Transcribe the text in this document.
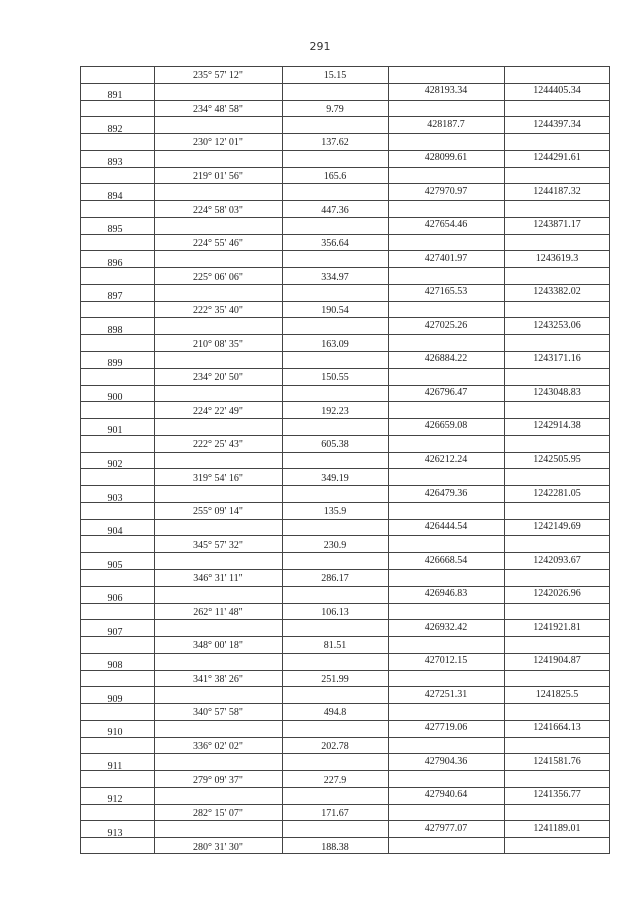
291
235° 57' 12"	15.15
891	428193.34	1244405.34
234° 48' 58"	9.79
892	428187.7	1244397.34
230° 12' 01"	137.62
893	428099.61	1244291.61
219° 01' 56"	165.6
894	427970.97	1244187.32
224° 58' 03"	447.36
895	427654.46	1243871.17
224° 55' 46"	356.64
896	427401.97	1243619.3
225° 06' 06"	334.97
897	427165.53	1243382.02
222° 35' 40"	190.54
898	427025.26	1243253.06
210° 08' 35"	163.09
899	426884.22	1243171.16
234° 20' 50"	150.55
900	426796.47	1243048.83
224° 22' 49"	192.23
901	426659.08	1242914.38
222° 25' 43"	605.38
902	426212.24	1242505.95
319° 54' 16"	349.19
903	426479.36	1242281.05
255° 09' 14"	135.9
904	426444.54	1242149.69
345° 57' 32"	230.9
905	426668.54	1242093.67
346° 31' 11"	286.17
906	426946.83	1242026.96
262° 11' 48"	106.13
907	426932.42	1241921.81
348° 00' 18"	81.51
908	427012.15	1241904.87
341° 38' 26"	251.99
909	427251.31	1241825.5
340° 57' 58"	494.8
910	427719.06	1241664.13
336° 02' 02"	202.78
911	427904.36	1241581.76
279° 09' 37"	227.9
912	427940.64	1241356.77
282° 15' 07"	171.67
913	427977.07	1241189.01
280° 31' 30"	188.38
